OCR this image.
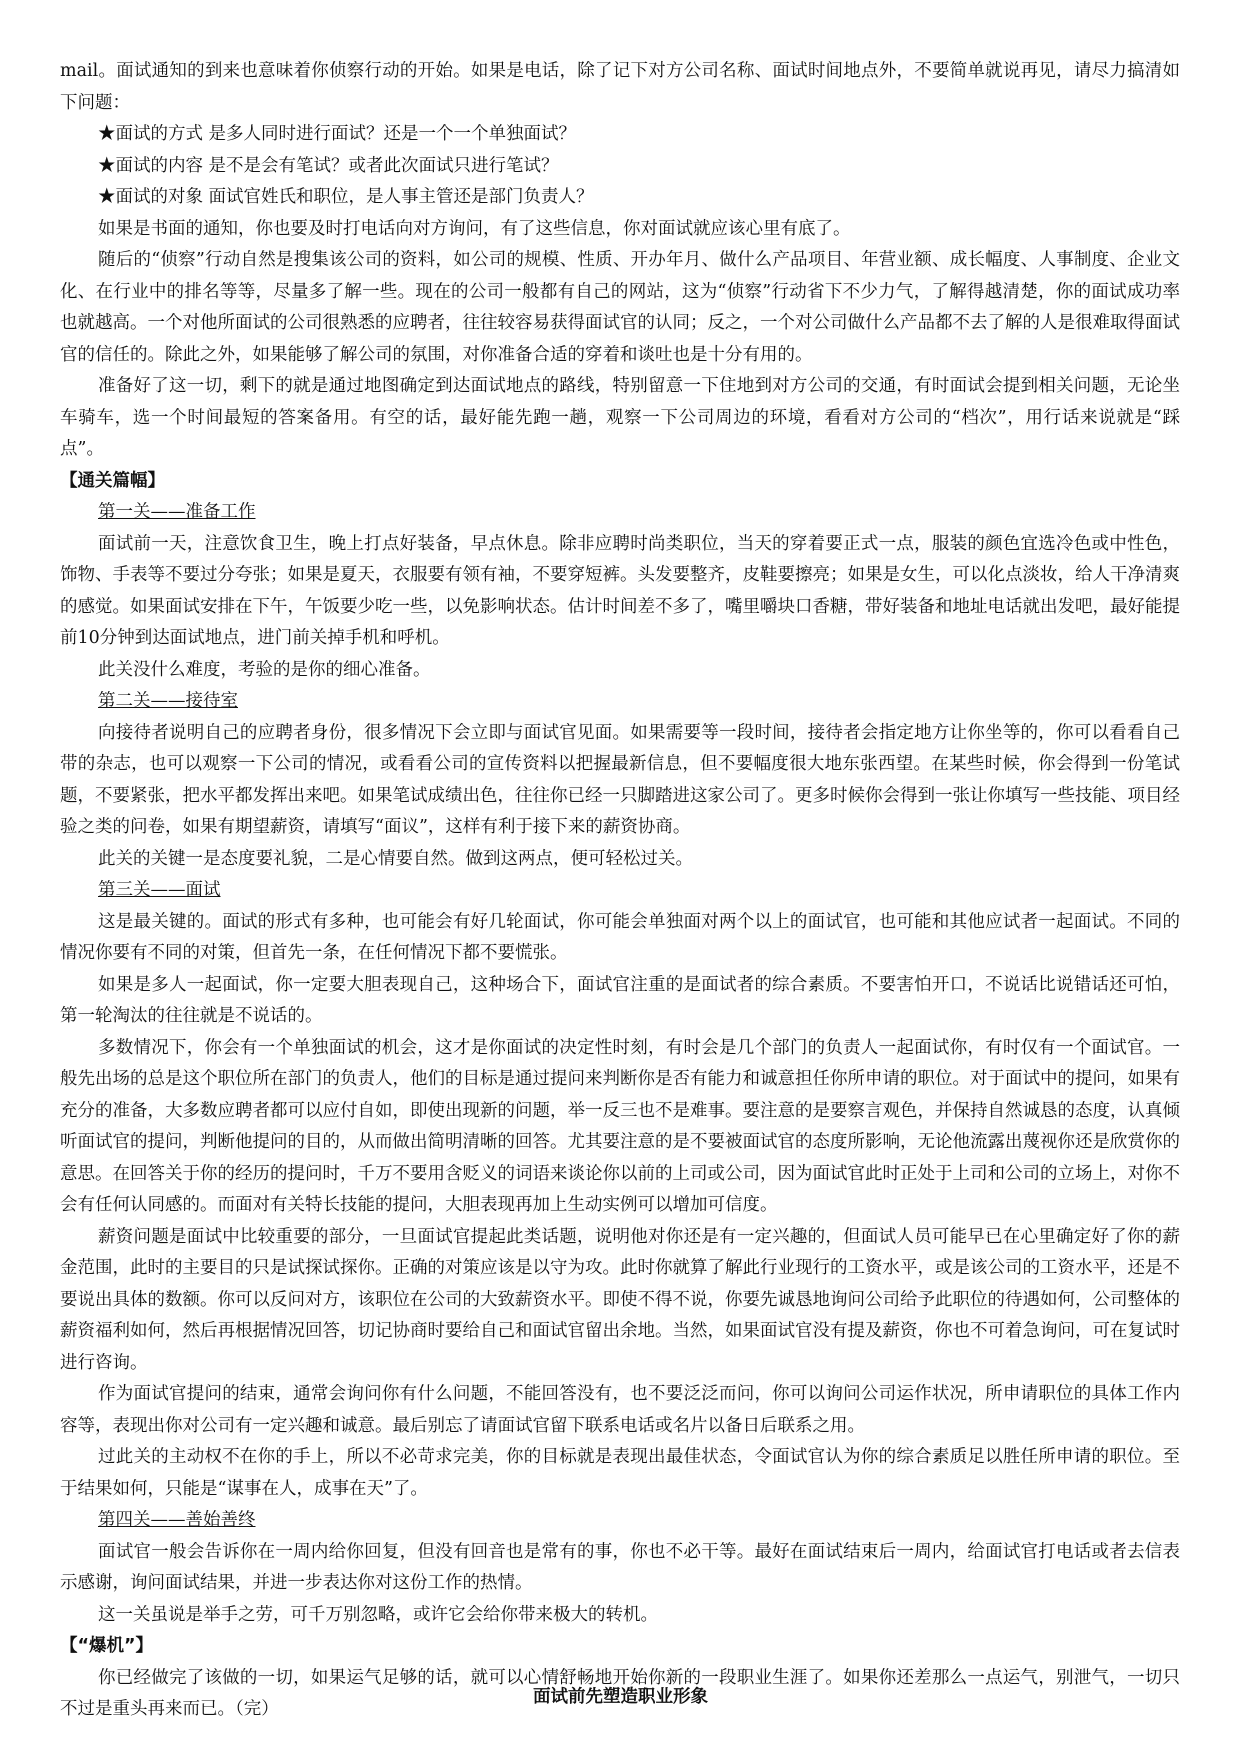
mail。面试通知的到来也意味着你侦察行动的开始。如果是电话，除了记下对方公司名称、面试时间地点外，不要简单就说再见，请尽力搞清如下问题：

★面试的方式 是多人同时进行面试？还是一个一个单独面试？

★面试的内容 是不是会有笔试？或者此次面试只进行笔试？

★面试的对象 面试官姓氏和职位，是人事主管还是部门负责人？

如果是书面的通知，你也要及时打电话向对方询问，有了这些信息，你对面试就应该心里有底了。

随后的“侦察”行动自然是搜集该公司的资料，如公司的规模、性质、开办年月、做什么产品项目、年营业额、成长幅度、人事制度、企业文化、在行业中的排名等等，尽量多了解一些。现在的公司一般都有自己的网站，这为“侦察”行动省下不少力气，了解得越清楚，你的面试成功率也就越高。一个对他所面试的公司很熟悉的应聘者，往往较容易获得面试官的认同；反之，一个对公司做什么产品都不去了解的人是很难取得面试官的信任的。除此之外，如果能够了解公司的氛围，对你准备合适的穿着和谈吐也是十分有用的。

准备好了这一切，剩下的就是通过地图确定到达面试地点的路线，特别留意一下住地到对方公司的交通，有时面试会提到相关问题，无论坐车骑车，选一个时间最短的答案备用。有空的话，最好能先跑一趟，观察一下公司周边的环境，看看对方公司的“档次”，用行话来说就是“踩点”。

【通关篇幅】

第一关——准备工作

面试前一天，注意饮食卫生，晚上打点好装备，早点休息。除非应聘时尚类职位，当天的穿着要正式一点，服装的颜色宜选冷色或中性色，饰物、手表等不要过分夸张；如果是夏天，衣服要有领有袖，不要穿短裤。头发要整齐，皮鞋要擦亮；如果是女生，可以化点淡妆，给人干净清爽的感觉。如果面试安排在下午，午饭要少吃一些，以免影响状态。估计时间差不多了，嘴里嚼块口香糖，带好装备和地址电话就出发吧，最好能提前10分钟到达面试地点，进门前关掉手机和呼机。

此关没什么难度，考验的是你的细心准备。

第二关——接待室

向接待者说明自己的应聘者身份，很多情况下会立即与面试官见面。如果需要等一段时间，接待者会指定地方让你坐等的，你可以看看自己带的杂志，也可以观察一下公司的情况，或看看公司的宣传资料以把握最新信息，但不要幅度很大地东张西望。在某些时候，你会得到一份笔试题，不要紧张，把水平都发挥出来吧。如果笔试成绩出色，往往你已经一只脚踏进这家公司了。更多时候你会得到一张让你填写一些技能、项目经验之类的问卷，如果有期望薪资，请填写“面议”，这样有利于接下来的薪资协商。

此关的关键一是态度要礼貌，二是心情要自然。做到这两点，便可轻松过关。

第三关——面试

这是最关键的。面试的形式有多种，也可能会有好几轮面试，你可能会单独面对两个以上的面试官，也可能和其他应试者一起面试。不同的情况你要有不同的对策，但首先一条，在任何情况下都不要慌张。

如果是多人一起面试，你一定要大胆表现自己，这种场合下，面试官注重的是面试者的综合素质。不要害怕开口，不说话比说错话还可怕，第一轮淘汰的往往就是不说话的。

多数情况下，你会有一个单独面试的机会，这才是你面试的决定性时刻，有时会是几个部门的负责人一起面试你，有时仅有一个面试官。一般先出场的总是这个职位所在部门的负责人，他们的目标是通过提问来判断你是否有能力和诚意担任你所申请的职位。对于面试中的提问，如果有充分的准备，大多数应聘者都可以应付自如，即使出现新的问题，举一反三也不是难事。要注意的是要察言观色，并保持自然诚恳的态度，认真倾听面试官的提问，判断他提问的目的，从而做出简明清晰的回答。尤其要注意的是不要被面试官的态度所影响，无论他流露出蔑视你还是欣赏你的意思。在回答关于你的经历的提问时，千万不要用含贬义的词语来谈论你以前的上司或公司，因为面试官此时正处于上司和公司的立场上，对你不会有任何认同感的。而面对有关特长技能的提问，大胆表现再加上生动实例可以增加可信度。

薪资问题是面试中比较重要的部分，一旦面试官提起此类话题，说明他对你还是有一定兴趣的，但面试人员可能早已在心里确定好了你的薪金范围，此时的主要目的只是试探试探你。正确的对策应该是以守为攻。此时你就算了解此行业现行的工资水平，或是该公司的工资水平，还是不要说出具体的数额。你可以反问对方，该职位在公司的大致薪资水平。即使不得不说，你要先诚恳地询问公司给予此职位的待遇如何，公司整体的薪资福利如何，然后再根据情况回答，切记协商时要给自己和面试官留出余地。当然，如果面试官没有提及薪资，你也不可着急询问，可在复试时进行咨询。

作为面试官提问的结束，通常会询问你有什么问题，不能回答没有，也不要泛泛而问，你可以询问公司运作状况，所申请职位的具体工作内容等，表现出你对公司有一定兴趣和诚意。最后别忘了请面试官留下联系电话或名片以备日后联系之用。

过此关的主动权不在你的手上，所以不必苛求完美，你的目标就是表现出最佳状态，令面试官认为你的综合素质足以胜任所申请的职位。至于结果如何，只能是“谋事在人，成事在天”了。

第四关——善始善终

面试官一般会告诉你在一周内给你回复，但没有回音也是常有的事，你也不必干等。最好在面试结束后一周内，给面试官打电话或者去信表示感谢，询问面试结果，并进一步表达你对这份工作的热情。

这一关虽说是举手之劳，可千万别忽略，或许它会给你带来极大的转机。

【“爆机”】

你已经做完了该做的一切，如果运气足够的话，就可以心情舒畅地开始你新的一段职业生涯了。如果你还差那么一点运气，别泄气，一切只不过是重头再来而已。（完）

面试前先塑造职业形象
